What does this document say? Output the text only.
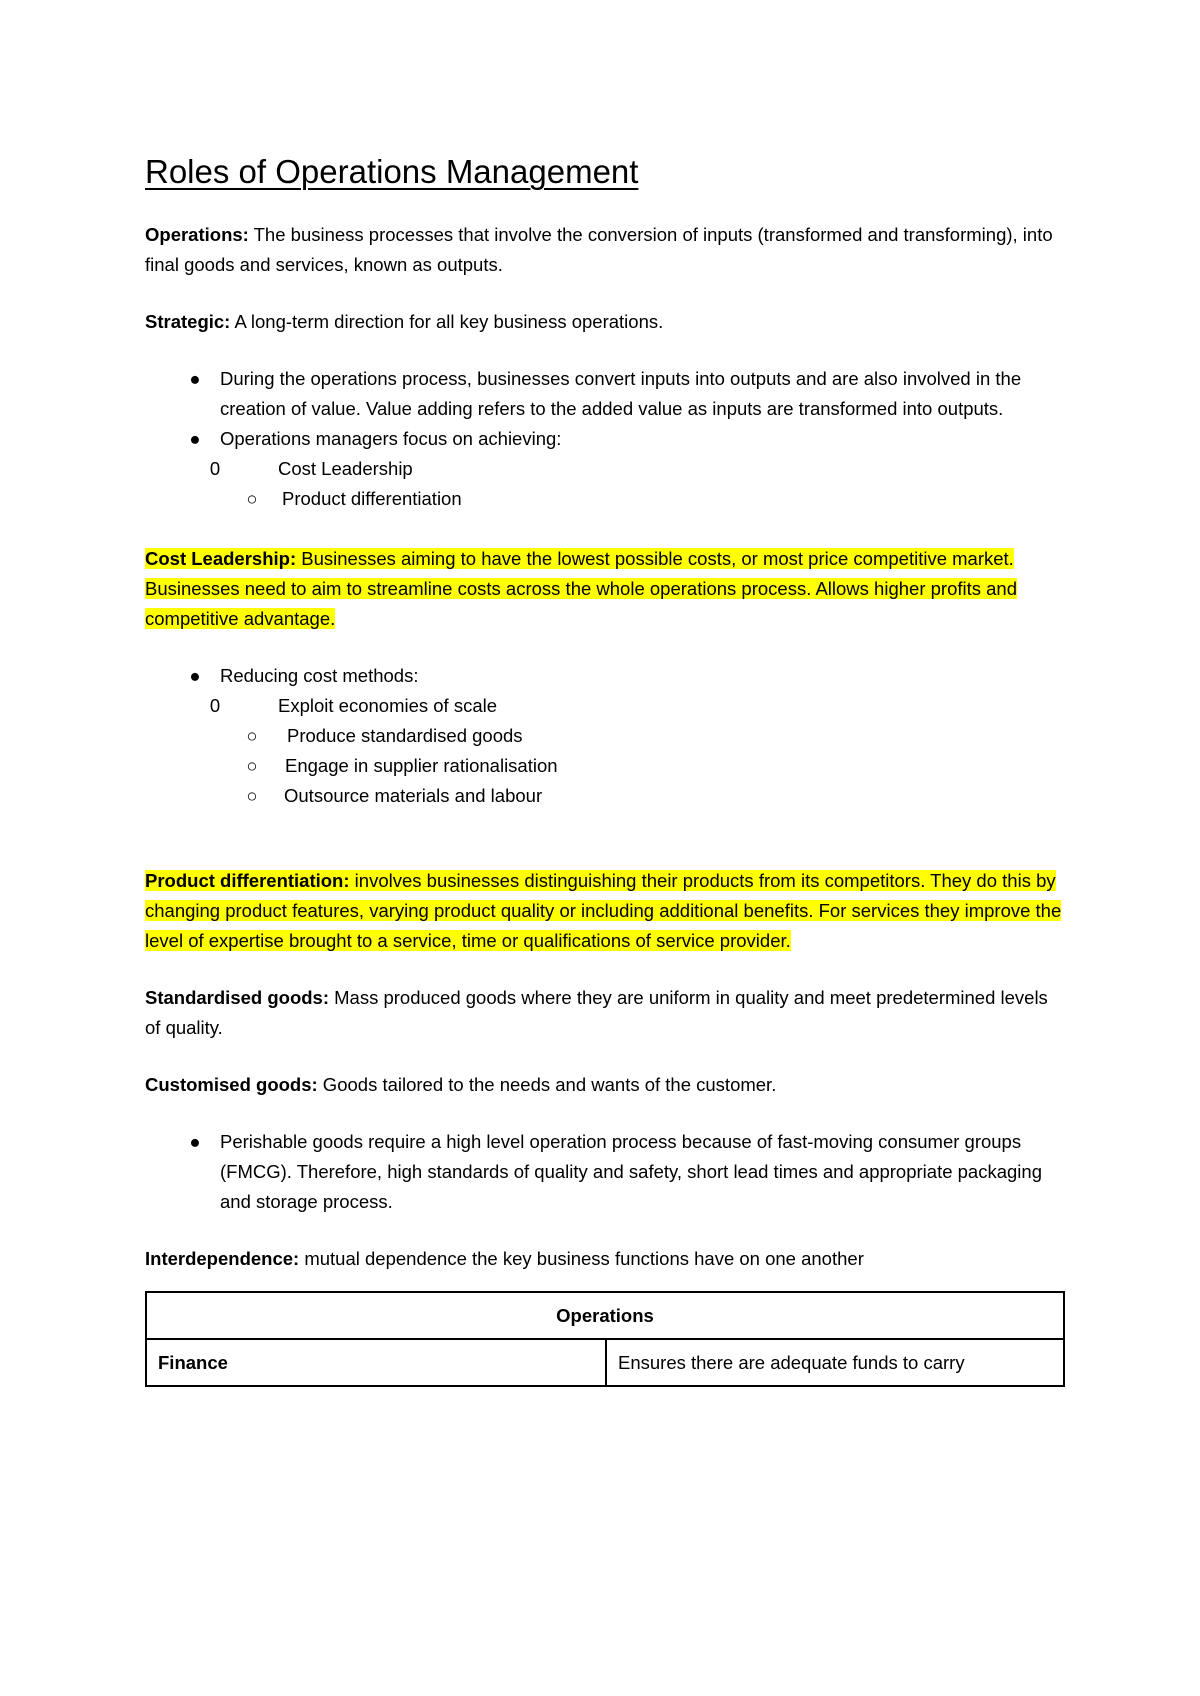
Roles of Operations Management

Operations: The business processes that involve the conversion of inputs (transformed and transforming), into final goods and services, known as outputs.

Strategic: A long-term direction for all key business operations.

● During the operations process, businesses convert inputs into outputs and are also involved in the creation of value. Value adding refers to the added value as inputs are transformed into outputs.
● Operations managers focus on achieving:
0	Cost Leadership
○ Product differentiation

Cost Leadership: Businesses aiming to have the lowest possible costs, or most price competitive market. Businesses need to aim to streamline costs across the whole operations process. Allows higher profits and competitive advantage.

● Reducing cost methods:
0	Exploit economies of scale
○ Produce standardised goods
○ Engage in supplier rationalisation
○ Outsource materials and labour

Product differentiation: involves businesses distinguishing their products from its competitors. They do this by changing product features, varying product quality or including additional benefits. For services they improve the level of expertise brought to a service, time or qualifications of service provider.

Standardised goods: Mass produced goods where they are uniform in quality and meet predetermined levels of quality.

Customised goods: Goods tailored to the needs and wants of the customer.

● Perishable goods require a high level operation process because of fast-moving consumer groups (FMCG). Therefore, high standards of quality and safety, short lead times and appropriate packaging and storage process.

Interdependence: mutual dependence the key business functions have on one another

Operations
Finance	Ensures there are adequate funds to carry
